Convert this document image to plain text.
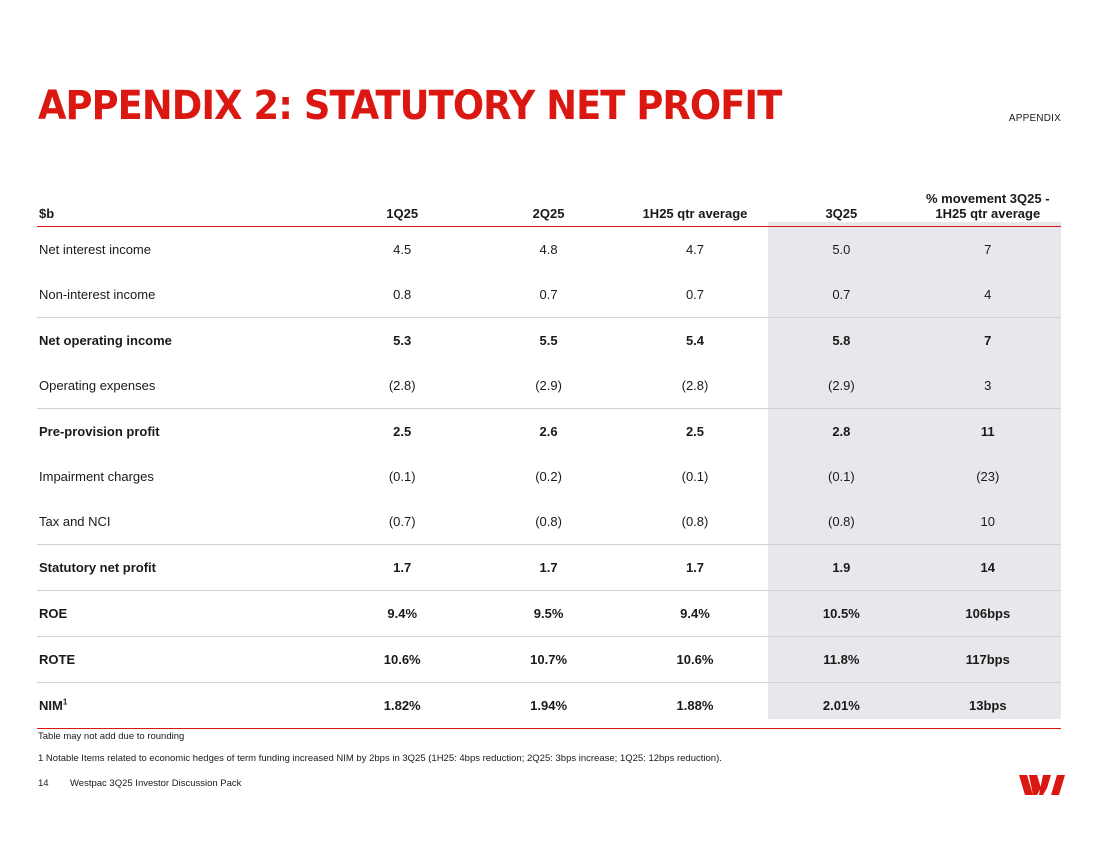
APPENDIX 2: STATUTORY NET PROFIT	APPENDIX
$b	1Q25	2Q25	1H25 qtr average	3Q25	% movement 3Q25 - 1H25 qtr average
Net interest income	4.5	4.8	4.7	5.0	7
Non-interest income	0.8	0.7	0.7	0.7	4
Net operating income	5.3	5.5	5.4	5.8	7
Operating expenses	(2.8)	(2.9)	(2.8)	(2.9)	3
Pre-provision profit	2.5	2.6	2.5	2.8	11
Impairment charges	(0.1)	(0.2)	(0.1)	(0.1)	(23)
Tax and NCI	(0.7)	(0.8)	(0.8)	(0.8)	10
Statutory net profit	1.7	1.7	1.7	1.9	14
ROE	9.4%	9.5%	9.4%	10.5%	106bps
ROTE	10.6%	10.7%	10.6%	11.8%	117bps
NIM$^1$	1.82%	1.94%	1.88%	2.01%	13bps
Table may not add due to rounding
1 Notable Items related to economic hedges of term funding increased NIM by 2bps in 3Q25 (1H25: 4bps reduction; 2Q25: 3bps increase; 1Q25: 12bps reduction).
14 Westpac 3Q25 Investor Discussion Pack
